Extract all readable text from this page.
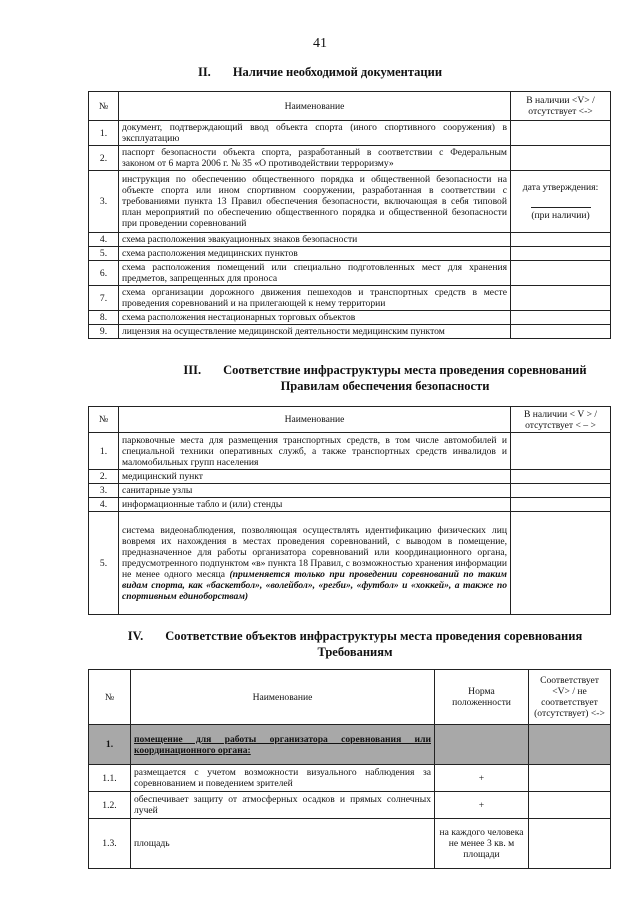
41
II. Наличие необходимой документации
№	Наименование	В наличии <V> / отсутствует <->
1.	документ, подтверждающий ввод объекта спорта (иного спортивного сооружения) в эксплуатацию	
2.	паспорт безопасности объекта спорта, разработанный в соответствии с Федеральным законом от 6 марта 2006 г. № 35 «О противодействии терроризму»	
3.	инструкция по обеспечению общественного порядка и общественной безопасности на объекте спорта или ином спортивном сооружении, разработанная в соответствии с требованиями пункта 13 Правил обеспечения безопасности, включающая в себя типовой план мероприятий по обеспечению общественного порядка и общественной безопасности при проведении соревнований	дата утверждения:
(при наличии)

4.	схема расположения эвакуационных знаков безопасности	
5.	схема расположения медицинских пунктов	
6.	схема расположения помещений или специально подготовленных мест для хранения предметов, запрещенных для проноса	
7.	схема организации дорожного движения пешеходов и транспортных средств в месте проведения соревнований и на прилегающей к нему территории	
8.	схема расположения нестационарных торговых объектов	
9.	лицензия на осуществление медицинской деятельности медицинским пунктом	
III. Соответствие инфраструктуры места проведения соревнований
Правилам обеспечения безопасности
№	Наименование	В наличии < V > / отсутствует < – >
1.	парковочные места для размещения транспортных средств, в том числе автомобилей и специальной техники оперативных служб, а также транспортных средств инвалидов и маломобильных групп населения	
2.	медицинский пункт	
3.	санитарные узлы	
4.	информационные табло и (или) стенды	
5.	система видеонаблюдения, позволяющая осуществлять идентификацию физических лиц вовремя их нахождения в местах проведения соревнований, с выводом в помещение, предназначенное для работы организатора соревнований или координационного органа, предусмотренного подпунктом «в» пункта 18 Правил, с возможностью хранения информации не менее одного месяца (применяется только при проведении соревнований по таким видам спорта, как «баскетбол», «волейбол», «регби», «футбол» и «хоккей», а также по спортивным единоборствам)	
IV. Соответствие объектов инфраструктуры места проведения соревнования
Требованиям
№	Наименование	Норма положенности	Соответствует <V> / не соответствует (отсутствует) <->
1.	помещение для работы организатора соревнования или координационного органа:		
1.1.	размещается с учетом возможности визуального наблюдения за соревнованием и поведением зрителей	+	
1.2.	обеспечивает защиту от атмосферных осадков и прямых солнечных лучей	+	
1.3.	площадь	на каждого человека не менее 3 кв. м площади	
